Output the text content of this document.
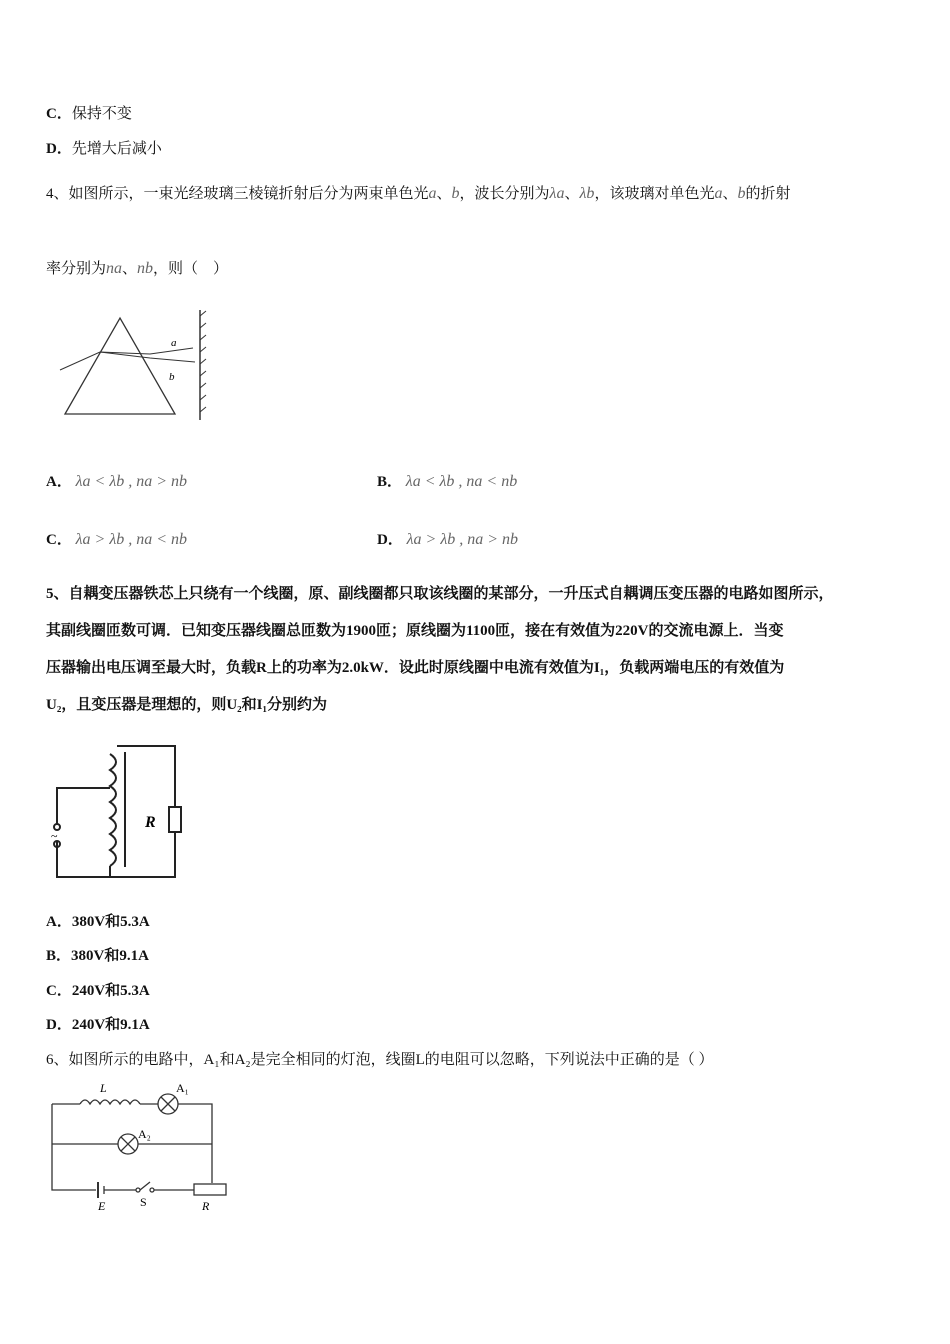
C．保持不变
D．先增大后减小
4、如图所示，一束光经玻璃三棱镜折射后分为两束单色光a、b，波长分别为λa、λb，该玻璃对单色光a、b的折射
率分别为na、nb，则（　）
a
b
A． λa < λb , na > nb	B． λa < λb , na < nb
C． λa > λb , na < nb	D． λa > λb , na > nb
5、自耦变压器铁芯上只绕有一个线圈，原、副线圈都只取该线圈的某部分，一升压式自耦调压变压器的电路如图所示，
其副线圈匝数可调．已知变压器线圈总匝数为1900匝；原线圈为1100匝，接在有效值为220V的交流电源上．当变
压器输出电压调至最大时，负载R上的功率为2.0kW．设此时原线圈中电流有效值为I₁，负载两端电压的有效值为
U₂，且变压器是理想的，则U₂和I₁分别约为
R
~
A．380V和5.3A
B．380V和9.1A
C．240V和5.3A
D．240V和9.1A
6、如图所示的电路中，A₁和A₂是完全相同的灯泡，线圈L的电阻可以忽略，下列说法中正确的是（ ）
L	A₁
A₂
E	S	R
